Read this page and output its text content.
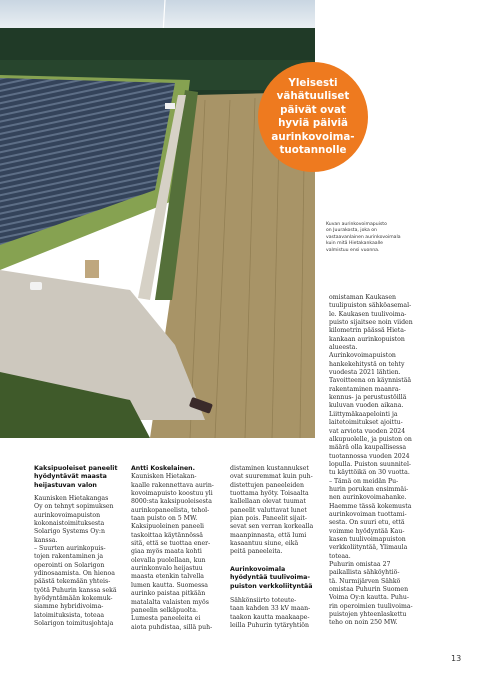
Yleisesti
vähätuuliset
päivät ovat
hyviä päiviä
aurinkovoima-
tuotannolle
Kuvan aurinkovoimapuisto
on Juurakosta, joka on
vastaavanlainen aurinkovoimala
kuin mitä Hietakankaalle
valmistuu ensi vuonna.

Kaksipuoleiset paneelit
hyödyntävät maasta
heijastuvan valon

Kaunisken Hietakangas
Oy on tehnyt sopimuksen
aurinkovoimapuiston
kokonaistoimituksesta
Solarigo Systems Oy:n
kanssa.
– Suurten aurinkopuis-
tojen rakentaminen ja
operointi on Solarigon
ydinosaamista. On hienoa
päästä tekemään yhteis-
työtä Puhurin kanssa sekä
hyödyntämään kokemuk-
siamme hybridivoima-
latoimituksista, toteaa
Solarigon toimitusjohtaja

Antti Koskelainen.
Kaunisken Hietakan-
kaalle rakennettava aurin-
kovoimapuisto koostuu yli
8000:sta kaksipuoleisesta
aurinkopaneelista, tehol-
taan puisto on 5 MW.
Kaksipuoleinen paneeli
taskoittaa käytännössä
sitä, että se tuottaa ener-
giaa myös maata kohti
olevalla puolellaan, kun
aurinkonvalo heijastuu
maasta etenkin talvella
lumen kautta. Suomessa
aurinko paistaa pitkään
matalalta valaisten myös
paneelin selkäpuolta.
Lumesta paneeleita ei
aiota puhdistaa, sillä puh-

distaminen kustannukset
ovat suuremmat kuin puh-
distettujen paneeleiden
tuottama hyöty. Toisaalta
kallellaan olevat tuumat
paneelit valuttavat lunet
pian pois. Paneelit sijait-
sevat sen verran korkealla
maanpinnasta, että lumi
kasaantuu siune, eikä
peitä paneeleita.

Aurinkovoimala
hyödyntää tuulivoima-
puiston verkkoliityntää

Sähkönsiirto toteute-
taan kahden 33 kV maan-
taakon kautta maakaape-
leilla Puhurin tytäryhtiön

omistaman Kaukasen
tuulipuiston sähköasemal-
le. Kaukasen tuulivoima-
puisto sijaitsee noin viiden
kilometrin päässä Hieta-
kankaan aurinkopuiston
alueesta.
Aurinkovoimapuiston
hankekehitystä on tehty
vuodesta 2021 lähtien.
Tavoitteena on käynnistää
rakentaminen maanra-
kennus- ja perustustöillä
kuluvan vuoden aikana.
Liittymäkaapelointi ja
laitetoimitukset ajoittu-
vat arviota vuoden 2024
alkupuolelle, ja puiston on
määrä olla kaupallisessa
tuotannossa vuoden 2024
lopulla. Puiston suunnitel-
tu käyttöikä on 30 vuotta.
– Tämä on meidän Pu-
hurin porukan ensimmäi-
nen aurinkovoimahanke.
Haemme tässä kokemusta
aurinkovoiman tuottami-
sesta. On suuri etu, että
voimme hyödyntää Kau-
kasen tuulivoimapuiston
verkkoliityntää, Ylimaula
toteaa.
Puhurin omistaa 27
paikallista sähköyhtiö-
tä. Nurmijärven Sähkö
omistaa Puhurin Suomen
Voima Oy:n kautta. Puhu-
rin operoimien tuulivoima-
puistojen yhteenlaskettu
teho on noin 250 MW.

13
